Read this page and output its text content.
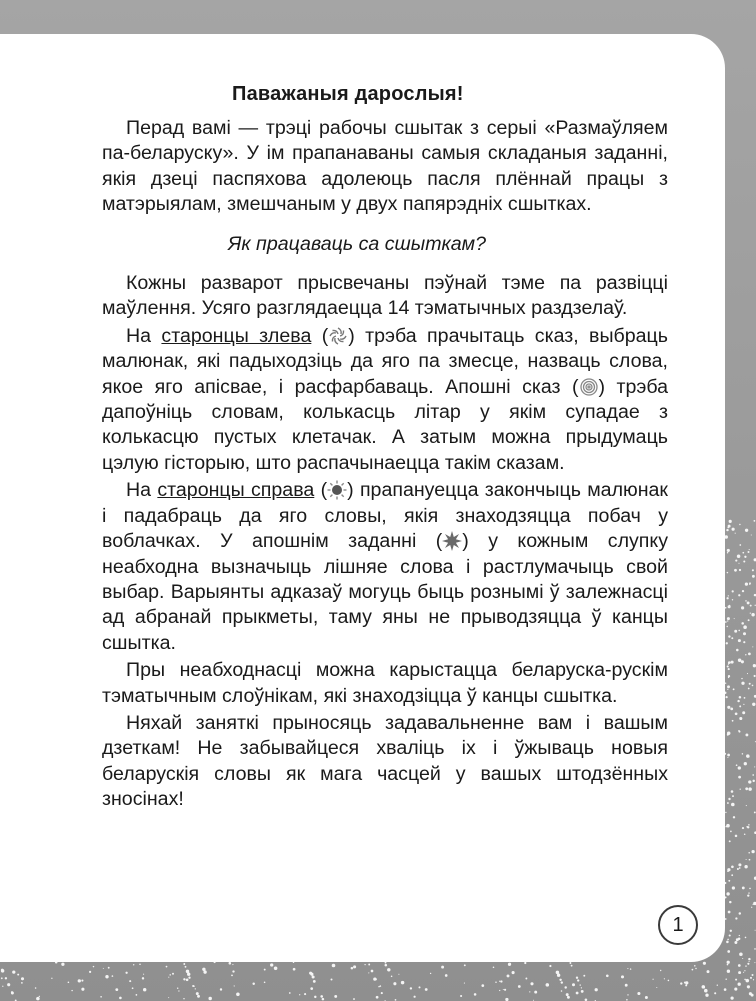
Паважаныя дарослыя!

Перад вамі — трэці рабочы сшытак з серыі «Размаўляем па-беларуску». У ім прапанаваны самыя складаныя заданні, якія дзеці паспяхова адолеюць пасля плённай працы з матэрыялам, змешчаным у двух папярэдніх сшытках.

Як працаваць са сшыткам?

Кожны разварот прысвечаны пэўнай тэме па развіцці маўлення. Усяго разглядаецца 14 тэматычных раздзелаў.

На старонцы злева ( ) трэба прачытаць сказ, выбраць малюнак, які падыходзіць да яго па змесце, назваць слова, якое яго апісвае, і расфарбаваць. Апошні сказ ( ) трэба дапоўніць словам, колькасць літар у якім супадае з колькасцю пустых клетачак. А затым можна прыдумаць цэлую гісторыю, што распачынаецца такім сказам.

На старонцы справа ( ) прапануецца закончыць малюнак і падабраць да яго словы, якія знаходзяцца побач у воблачках. У апошнім заданні ( ) у кожным слупку неабходна вызначыць лішняе слова і растлумачыць свой выбар. Варыянты адказаў могуць быць рознымі ў залежнасці ад абранай прыкметы, таму яны не прыводзяцца ў канцы сшытка.

Пры неабходнасці можна карыстацца беларуска-рускім тэматычным слоўнікам, які знаходзіцца ў канцы сшытка.

Няхай заняткі прыносяць задавальненне вам і вашым дзеткам! Не забывайцеся хваліць іх і ўжываць новыя беларускія словы як мага часцей у вашых штодзённых зносінах!

1
